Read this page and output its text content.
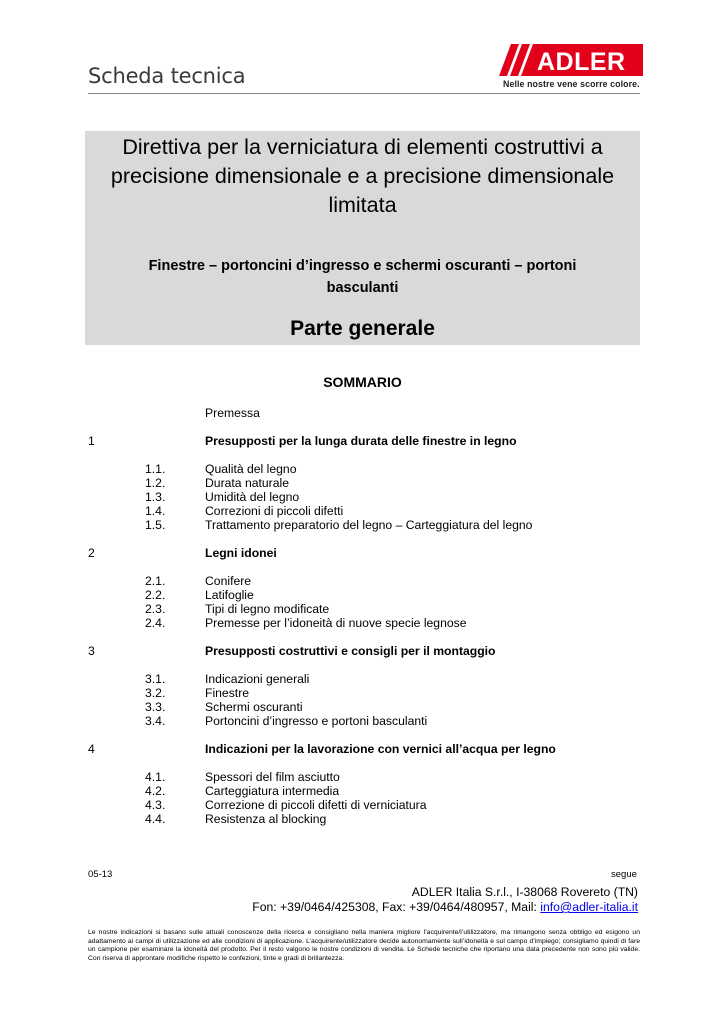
Scheda tecnica	ADLER
Nelle nostre vene scorre colore.
Direttiva per la verniciatura di elementi costruttivi a
precisione dimensionale e a precisione dimensionale
limitata
Finestre – portoncini d’ingresso e schermi oscuranti – portoni
basculanti
Parte generale
SOMMARIO
Premessa
1	Presupposti per la lunga durata delle finestre in legno
1.1.	Qualità del legno
1.2.	Durata naturale
1.3.	Umidità del legno
1.4.	Correzioni di piccoli difetti
1.5.	Trattamento preparatorio del legno – Carteggiatura del legno
2	Legni idonei
2.1.	Conifere
2.2.	Latifoglie
2.3.	Tipi di legno modificate
2.4.	Premesse per l’idoneità di nuove specie legnose
3	Presupposti costruttivi e consigli per il montaggio
3.1.	Indicazioni generali
3.2.	Finestre
3.3.	Schermi oscuranti
3.4.	Portoncini d’ingresso e portoni basculanti
4	Indicazioni per la lavorazione con vernici all’acqua per legno
4.1.	Spessori del film asciutto
4.2.	Carteggiatura intermedia
4.3.	Correzione di piccoli difetti di verniciatura
4.4.	Resistenza al blocking
05-13	segue
ADLER Italia S.r.l., I-38068 Rovereto (TN)
Fon: +39/0464/425308, Fax: +39/0464/480957, Mail: info@adler-italia.it
Le nostre indicazioni si basano sulle attuali conoscenze della ricerca e consigliano nella maniera migliore l’acquirente/l’utilizzatore, ma rimangono senza obbligo ed esigono un adattamento ai campi di utilizzazione ed alle condizioni di applicazione. L’acquirente/utilizzatore decide autonomamente sull’idoneità e sul campo d’impiego; consigliamo quindi di fare un campione per esaminare la idoneità del prodotto. Per il resto valgono le nostre condizioni di vendita. Le Schede tecniche che riportano una data precedente non sono più valide. Con riserva di approntare modifiche rispetto le confezioni, tinte e gradi di brillantezza.
